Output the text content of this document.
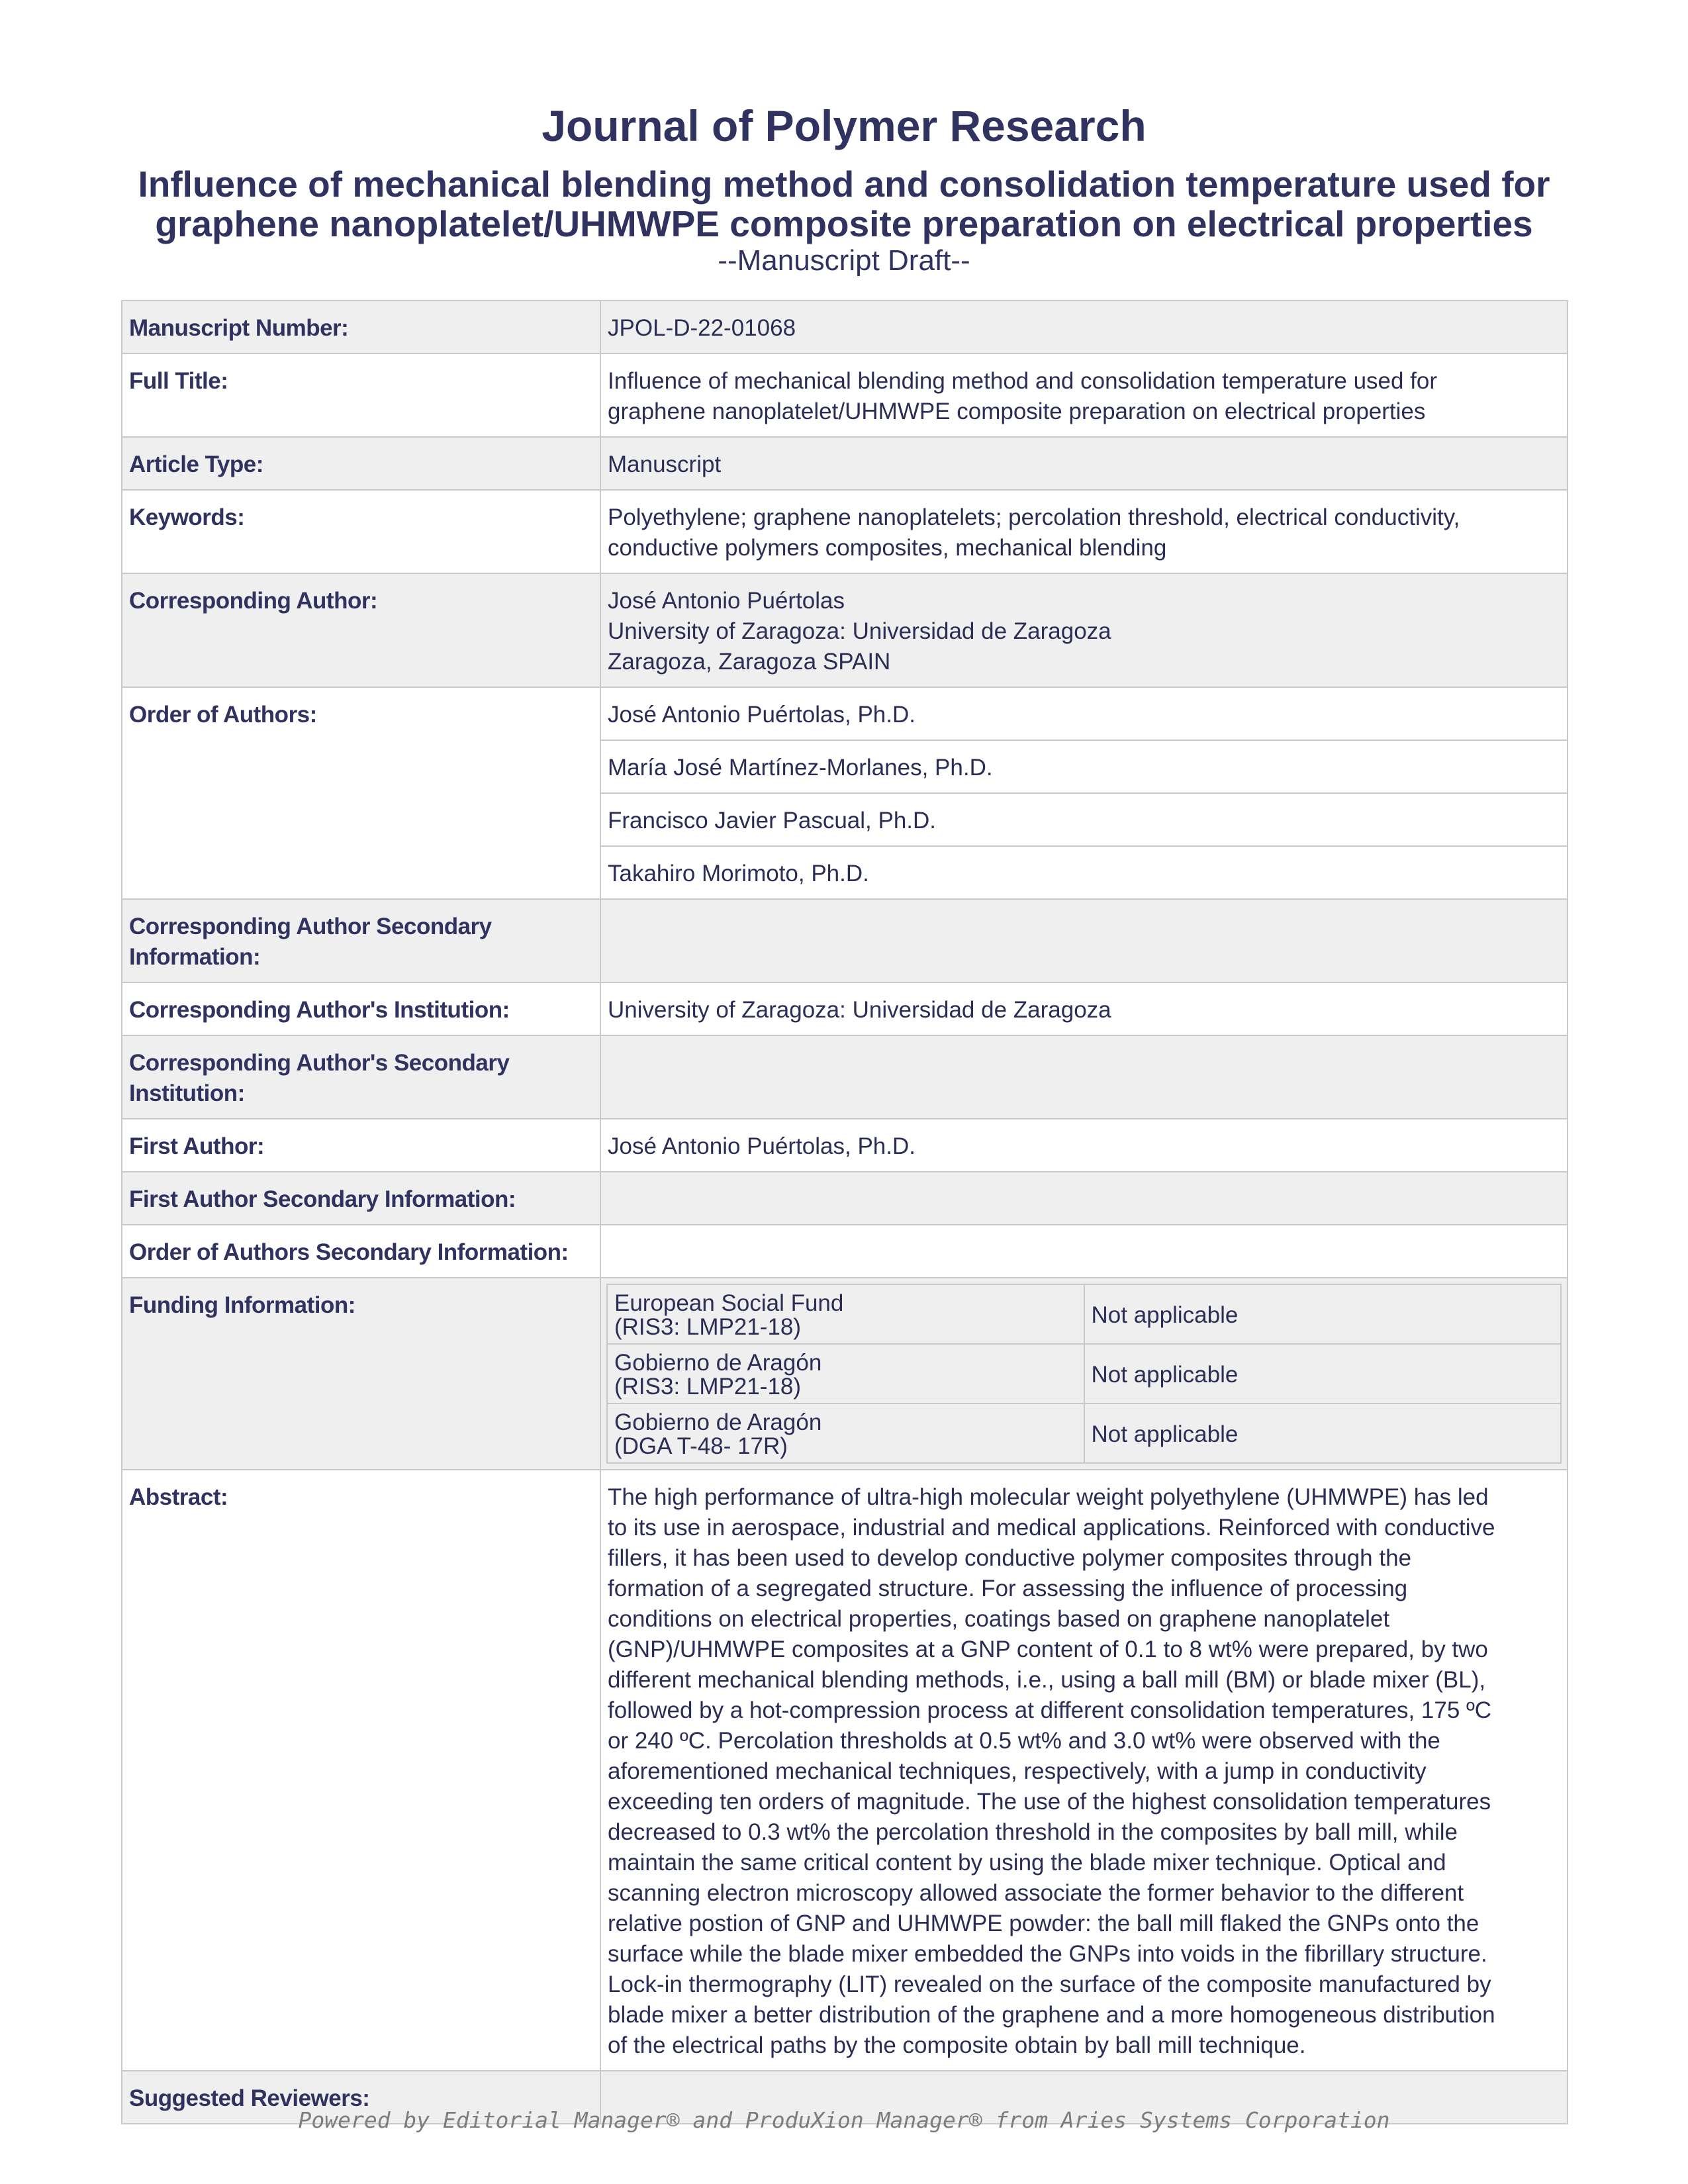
Journal of Polymer Research
Influence of mechanical blending method and consolidation temperature used for graphene nanoplatelet/UHMWPE composite preparation on electrical properties
--Manuscript Draft--
Manuscript Number:	JPOL-D-22-01068
Full Title:	Influence of mechanical blending method and consolidation temperature used for
graphene nanoplatelet/UHMWPE composite preparation on electrical properties

Article Type:	Manuscript
Keywords:	Polyethylene; graphene nanoplatelets; percolation threshold, electrical conductivity,
conductive polymers composites, mechanical blending

Corresponding Author:	José Antonio Puértolas
University of Zaragoza: Universidad de Zaragoza
Zaragoza, Zaragoza SPAIN

Order of Authors:		José Antonio Puértolas, Ph.D.
María José Martínez-Morlanes, Ph.D.
Francisco Javier Pascual, Ph.D.
Takahiro Morimoto, Ph.D.

Corresponding Author Secondary
Information:

Corresponding Author's Institution:	University of Zaragoza: Universidad de Zaragoza

Corresponding Author's Secondary
Institution:

First Author:	José Antonio Puértolas, Ph.D.
First Author Secondary Information:	
Order of Authors Secondary Information:	
Funding Information:		European Social Fund
(RIS3: LMP21-18)	Not applicable

Gobierno de Aragón
(RIS3: LMP21-18)	Not applicable

Gobierno de Aragón
(DGA T-48- 17R)	Not applicable

Abstract:	The high performance of ultra-high molecular weight polyethylene (UHMWPE) has led
to its use in aerospace, industrial and medical applications. Reinforced with conductive
fillers, it has been used to develop conductive polymer composites through the
formation of a segregated structure. For assessing the influence of processing
conditions on electrical properties, coatings based on graphene nanoplatelet
(GNP)/UHMWPE composites at a GNP content of 0.1 to 8 wt% were prepared, by two
different mechanical blending methods, i.e., using a ball mill (BM) or blade mixer (BL),
followed by a hot-compression process at different consolidation temperatures, 175 ºC
or 240 ºC. Percolation thresholds at 0.5 wt% and 3.0 wt% were observed with the
aforementioned mechanical techniques, respectively, with a jump in conductivity
exceeding ten orders of magnitude. The use of the highest consolidation temperatures
decreased to 0.3 wt% the percolation threshold in the composites by ball mill, while
maintain the same critical content by using the blade mixer technique. Optical and
scanning electron microscopy allowed associate the former behavior to the different
relative postion of GNP and UHMWPE powder: the ball mill flaked the GNPs onto the
surface while the blade mixer embedded the GNPs into voids in the fibrillary structure.
Lock-in thermography (LIT) revealed on the surface of the composite manufactured by
blade mixer a better distribution of the graphene and a more homogeneous distribution
of the electrical paths by the composite obtain by ball mill technique.

Suggested Reviewers:	
Powered by Editorial Manager® and ProduXion Manager® from Aries Systems Corporation
